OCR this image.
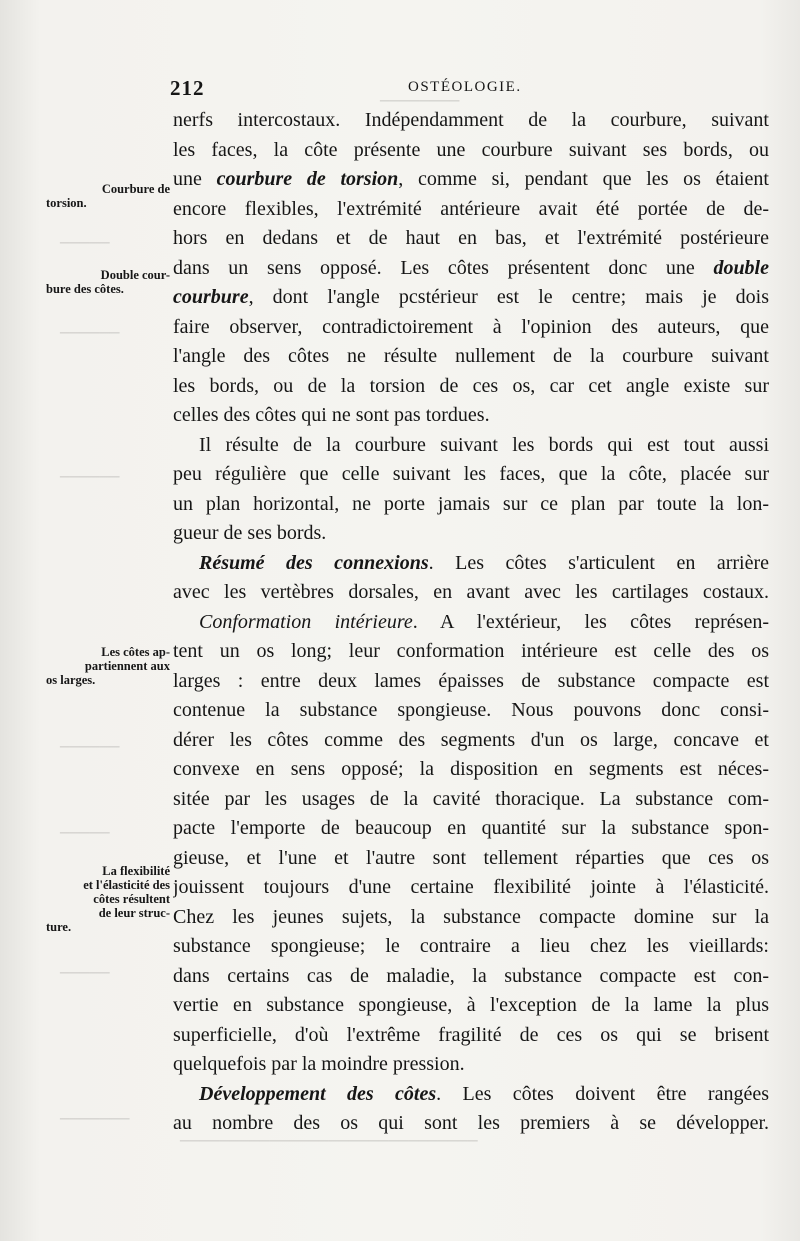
────────
─────
──────
──────
──────
─────
─────
───────
──────────────────────────────
212	OSTÉOLOGIE.
Courbure de
torsion.
Double cour-
bure des côtes.
Les côtes ap-
partiennent aux
os larges.
La flexibilité
et l'élasticité des
côtes résultent
de leur struc-
ture.
nerfs intercostaux. Indépendamment de la courbure, suivant
les faces, la côte présente une courbure suivant ses bords, ou
une courbure de torsion, comme si, pendant que les os étaient
encore flexibles, l'extrémité antérieure avait été portée de de-
hors en dedans et de haut en bas, et l'extrémité postérieure
dans un sens opposé. Les côtes présentent donc une double
courbure, dont l'angle pcstérieur est le centre; mais je dois
faire observer, contradictoirement à l'opinion des auteurs, que
l'angle des côtes ne résulte nullement de la courbure suivant
les bords, ou de la torsion de ces os, car cet angle existe sur
celles des côtes qui ne sont pas tordues.
Il résulte de la courbure suivant les bords qui est tout aussi
peu régulière que celle suivant les faces, que la côte, placée sur
un plan horizontal, ne porte jamais sur ce plan par toute la lon-
gueur de ses bords.
Résumé des connexions. Les côtes s'articulent en arrière
avec les vertèbres dorsales, en avant avec les cartilages costaux.
Conformation intérieure. A l'extérieur, les côtes représen-
tent un os long; leur conformation intérieure est celle des os
larges : entre deux lames épaisses de substance compacte est
contenue la substance spongieuse. Nous pouvons donc consi-
dérer les côtes comme des segments d'un os large, concave et
convexe en sens opposé; la disposition en segments est néces-
sitée par les usages de la cavité thoracique. La substance com-
pacte l'emporte de beaucoup en quantité sur la substance spon-
gieuse, et l'une et l'autre sont tellement réparties que ces os
jouissent toujours d'une certaine flexibilité jointe à l'élasticité.
Chez les jeunes sujets, la substance compacte domine sur la
substance spongieuse; le contraire a lieu chez les vieillards:
dans certains cas de maladie, la substance compacte est con-
vertie en substance spongieuse, à l'exception de la lame la plus
superficielle, d'où l'extrême fragilité de ces os qui se brisent
quelquefois par la moindre pression.
Développement des côtes. Les côtes doivent être rangées
au nombre des os qui sont les premiers à se développer.
